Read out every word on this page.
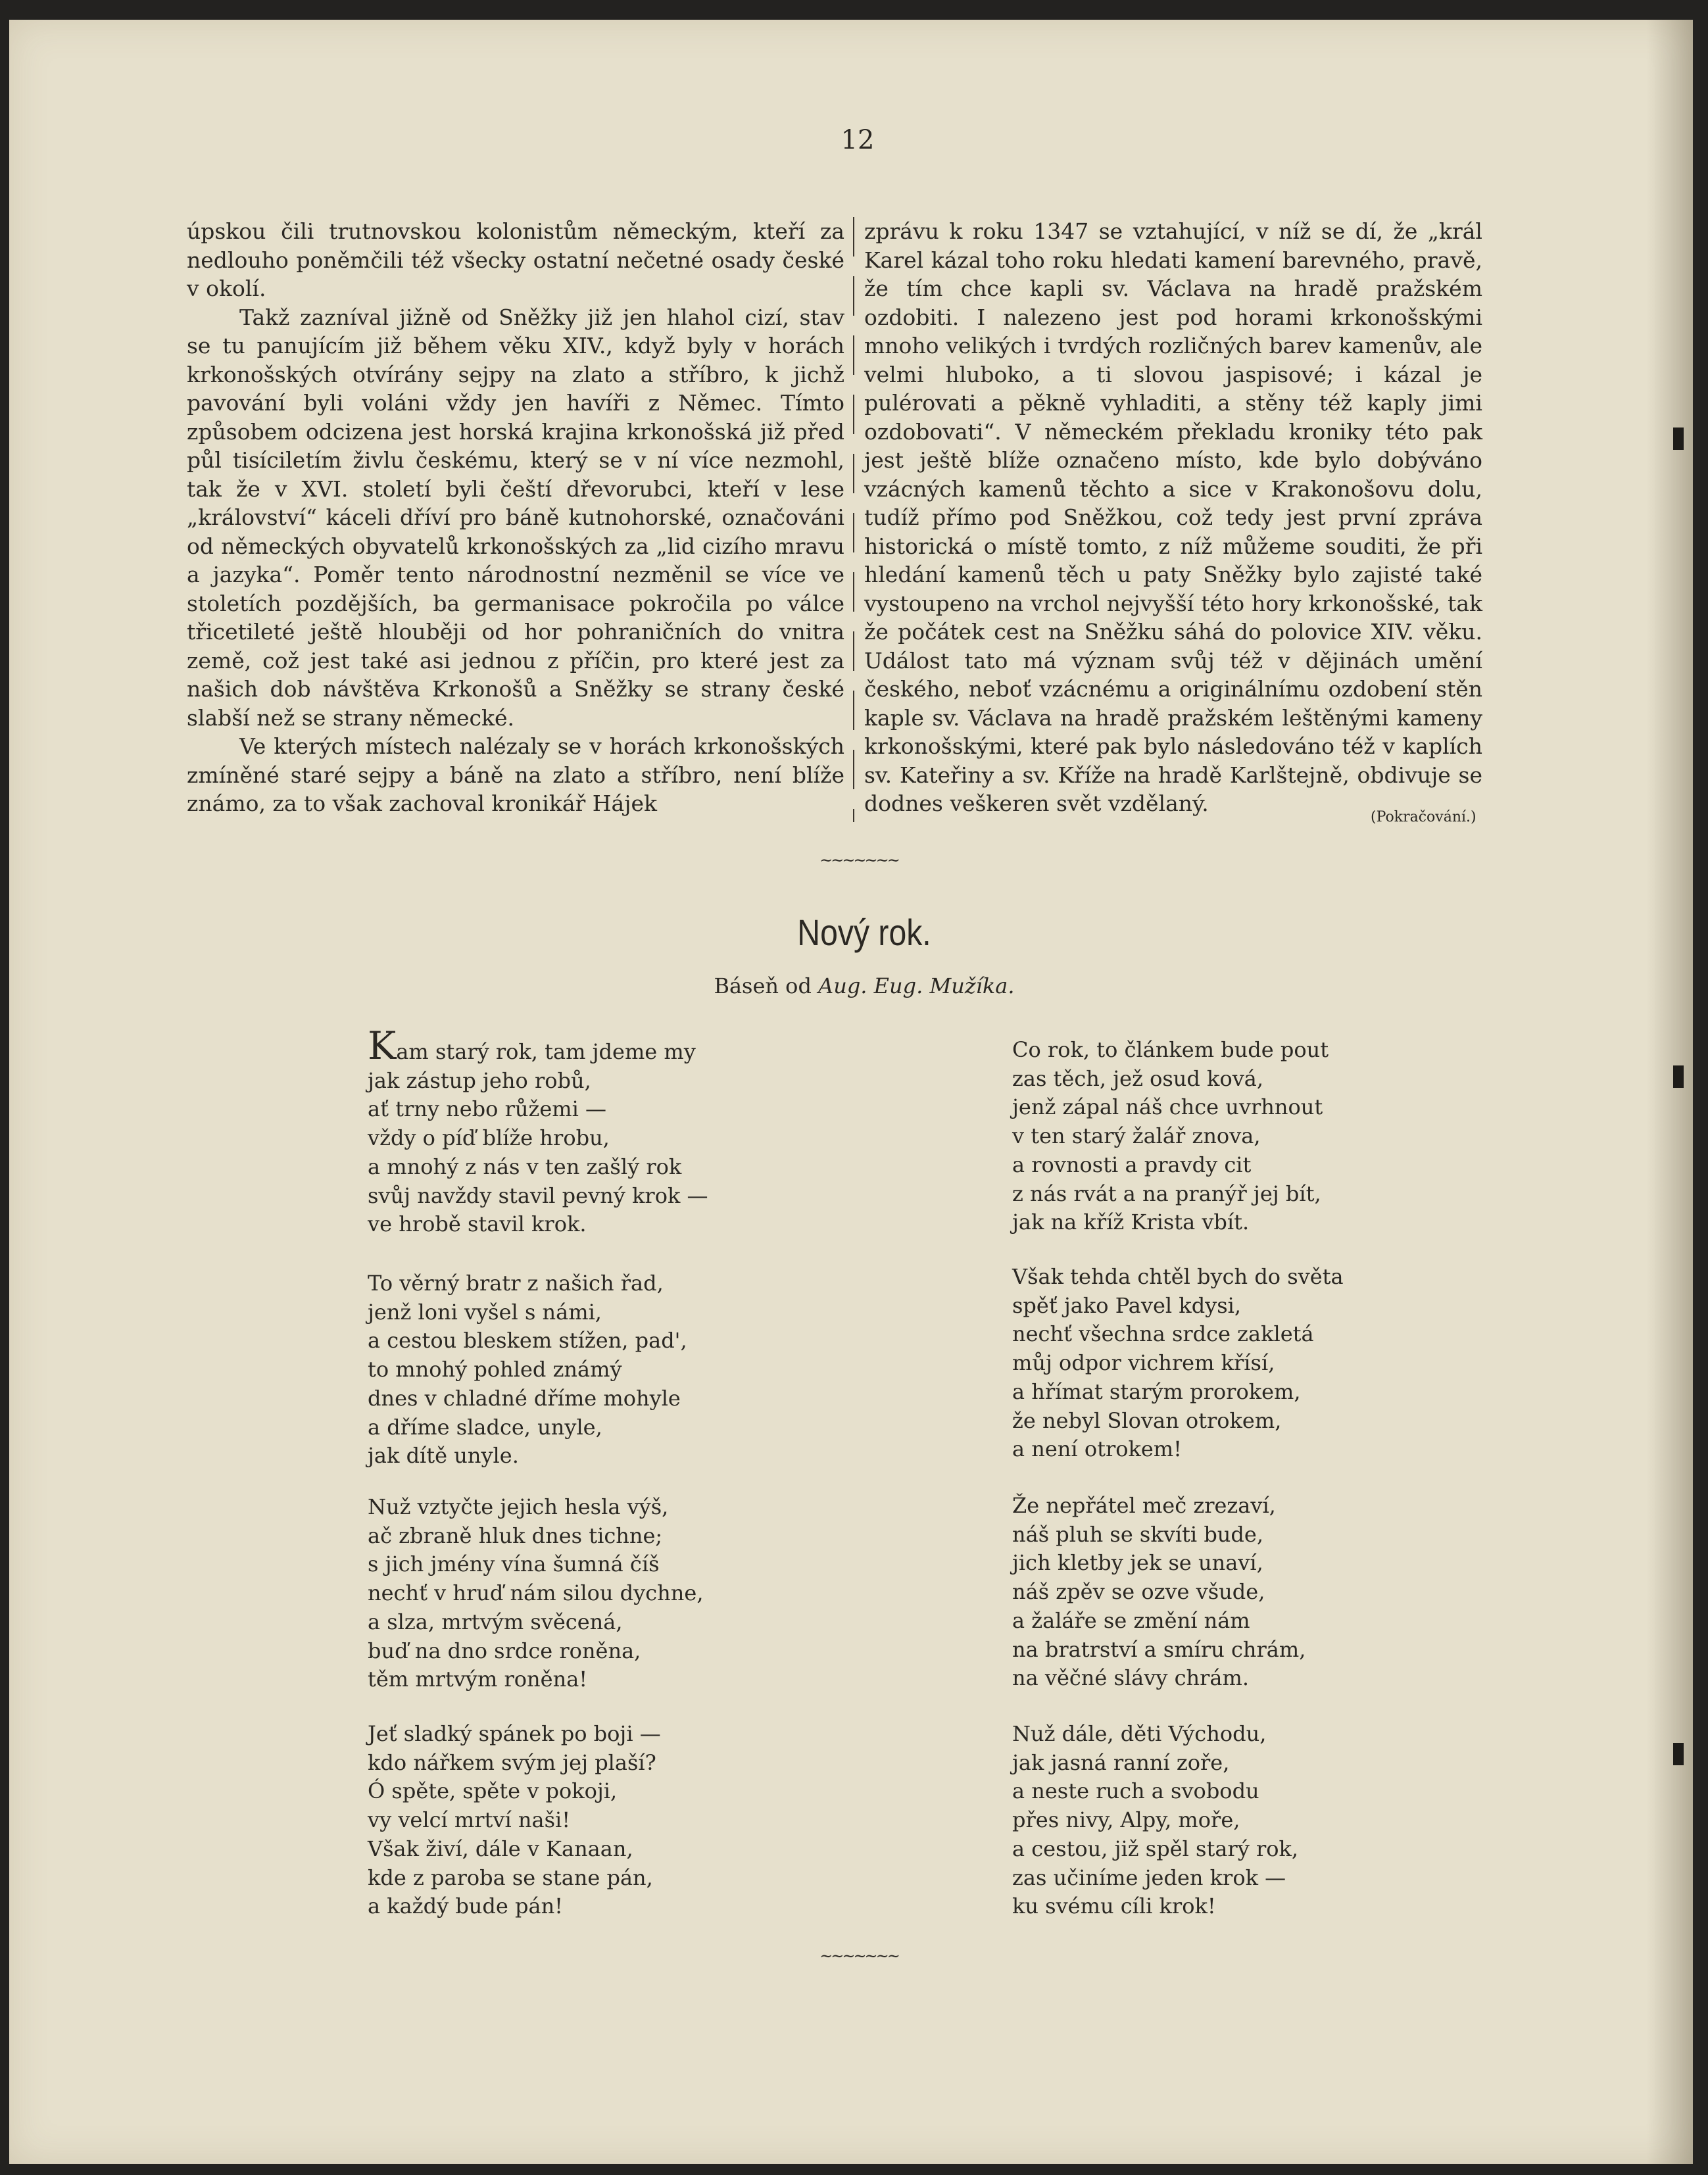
12

úpskou čili trutnovskou kolonistům německým, kteří za nedlouho poněmčili též všecky ostatní nečetné osady české v okolí.

Takž zazníval jižně od Sněžky již jen hlahol cizí, stav se tu panujícím již během věku XIV., když byly v horách krkonošských otvírány sejpy na zlato a stříbro, k jichž pavování byli voláni vždy jen havíři z Němec. Tímto způsobem odcizena jest horská krajina krkonošská již před půl tisíciletím živlu českému, který se v ní více nezmohl, tak že v XVI. století byli čeští dřevorubci, kteří v lese „království“ káceli dříví pro báně kutnohorské, označováni od německých obyvatelů krkonošských za „lid cizího mravu a jazyka“. Poměr tento národnostní nezměnil se více ve stoletích pozdějších, ba germanisace pokročila po válce třicetileté ještě hlouběji od hor pohraničních do vnitra země, což jest také asi jednou z příčin, pro které jest za našich dob návštěva Krkonošů a Sněžky se strany české slabší než se strany německé.

Ve kterých místech nalézaly se v horách krkonošských zmíněné staré sejpy a báně na zlato a stříbro, není blíže známo, za to však zachoval kronikář Hájek

zprávu k roku 1347 se vztahující, v níž se dí, že „král Karel kázal toho roku hledati kamení barevného, pravě, že tím chce kapli sv. Václava na hradě pražském ozdobiti. I nalezeno jest pod horami krkonošskými mnoho velikých i tvrdých rozličných barev kamenův, ale velmi hluboko, a ti slovou jaspisové; i kázal je pulérovati a pěkně vyhladiti, a stěny též kaply jimi ozdobovati“. V německém překladu kroniky této pak jest ještě blíže označeno místo, kde bylo dobýváno vzácných kamenů těchto a sice v Krakonošovu dolu, tudíž přímo pod Sněžkou, což tedy jest první zpráva historická o místě tomto, z níž můžeme souditi, že při hledání kamenů těch u paty Sněžky bylo zajisté také vystoupeno na vrchol nejvyšší této hory krkonošské, tak že počátek cest na Sněžku sáhá do polovice XIV. věku. Událost tato má význam svůj též v dějinách umění českého, neboť vzácnému a originálnímu ozdobení stěn kaple sv. Václava na hradě pražském leštěnými kameny krkonošskými, které pak bylo následováno též v kaplích sv. Kateřiny a sv. Kříže na hradě Karlštejně, obdivuje se dodnes veškeren svět vzdělaný.

(Pokračování.)
~~~~~~~
Nový rok.
Báseň od Aug. Eug. Mužíka.
Kam starý rok, tam jdeme my
jak zástup jeho robů,
ať trny nebo růžemi —
vždy o píď blíže hrobu,
a mnohý z nás v ten zašlý rok
svůj navždy stavil pevný krok —
ve hrobě stavil krok.
To věrný bratr z našich řad,
jenž loni vyšel s námi,
a cestou bleskem stížen, pad',
to mnohý pohled známý
dnes v chladné dříme mohyle
a dříme sladce, unyle,
jak dítě unyle.
Nuž vztyčte jejich hesla výš,
ač zbraně hluk dnes tichne;
s jich jmény vína šumná číš
nechť v hruď nám silou dychne,
a slza, mrtvým svěcená,
buď na dno srdce roněna,
těm mrtvým roněna!
Jeť sladký spánek po boji —
kdo nářkem svým jej plaší?
Ó spěte, spěte v pokoji,
vy velcí mrtví naši!
Však živí, dále v Kanaan,
kde z paroba se stane pán,
a každý bude pán!
Co rok, to článkem bude pout
zas těch, jež osud ková,
jenž zápal náš chce uvrhnout
v ten starý žalář znova,
a rovnosti a pravdy cit
z nás rvát a na pranýř jej bít,
jak na kříž Krista vbít.
Však tehda chtěl bych do světa
spěť jako Pavel kdysi,
nechť všechna srdce zakletá
můj odpor vichrem křísí,
a hřímat starým prorokem,
že nebyl Slovan otrokem,
a není otrokem!
Že nepřátel meč zrezaví,
náš pluh se skvíti bude,
jich kletby jek se unaví,
náš zpěv se ozve všude,
a žaláře se změní nám
na bratrství a smíru chrám,
na věčné slávy chrám.
Nuž dále, děti Východu,
jak jasná ranní zoře,
a neste ruch a svobodu
přes nivy, Alpy, moře,
a cestou, již spěl starý rok,
zas učiníme jeden krok —
ku svému cíli krok!
~~~~~~~
